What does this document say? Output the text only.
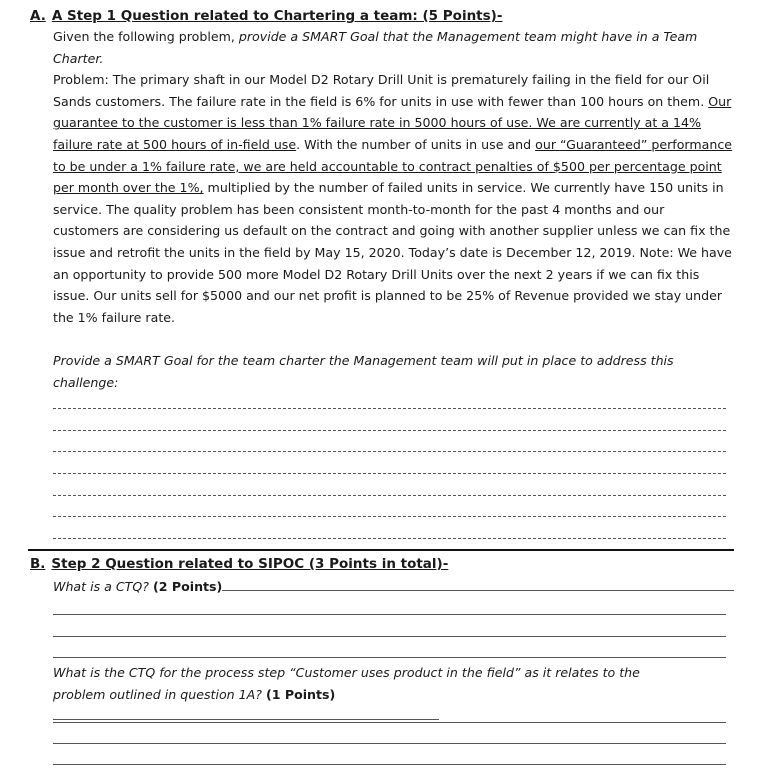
A. A Step 1 Question related to Chartering a team: (5 Points)-

Given the following problem, provide a SMART Goal that the Management team might have in a Team Charter.

Problem: The primary shaft in our Model D2 Rotary Drill Unit is prematurely failing in the field for our Oil Sands customers. The failure rate in the field is 6% for units in use with fewer than 100 hours on them. Our guarantee to the customer is less than 1% failure rate in 5000 hours of use. We are currently at a 14% failure rate at 500 hours of in-field use. With the number of units in use and our “Guaranteed” performance to be under a 1% failure rate, we are held accountable to contract penalties of $500 per percentage point per month over the 1%, multiplied by the number of failed units in service. We currently have 150 units in service. The quality problem has been consistent month-to-month for the past 4 months and our customers are considering us default on the contract and going with another supplier unless we can fix the issue and retrofit the units in the field by May 15, 2020. Today’s date is December 12, 2019. Note: We have an opportunity to provide 500 more Model D2 Rotary Drill Units over the next 2 years if we can fix this issue. Our units sell for $5000 and our net profit is planned to be 25% of Revenue provided we stay under the 1% failure rate.

Provide a SMART Goal for the team charter the Management team will put in place to address this challenge:

B. Step 2 Question related to SIPOC (3 Points in total)-
What is a CTQ? (2 Points)

What is the CTQ for the process step “Customer uses product in the field” as it relates to the problem outlined in question 1A? (1 Points)
